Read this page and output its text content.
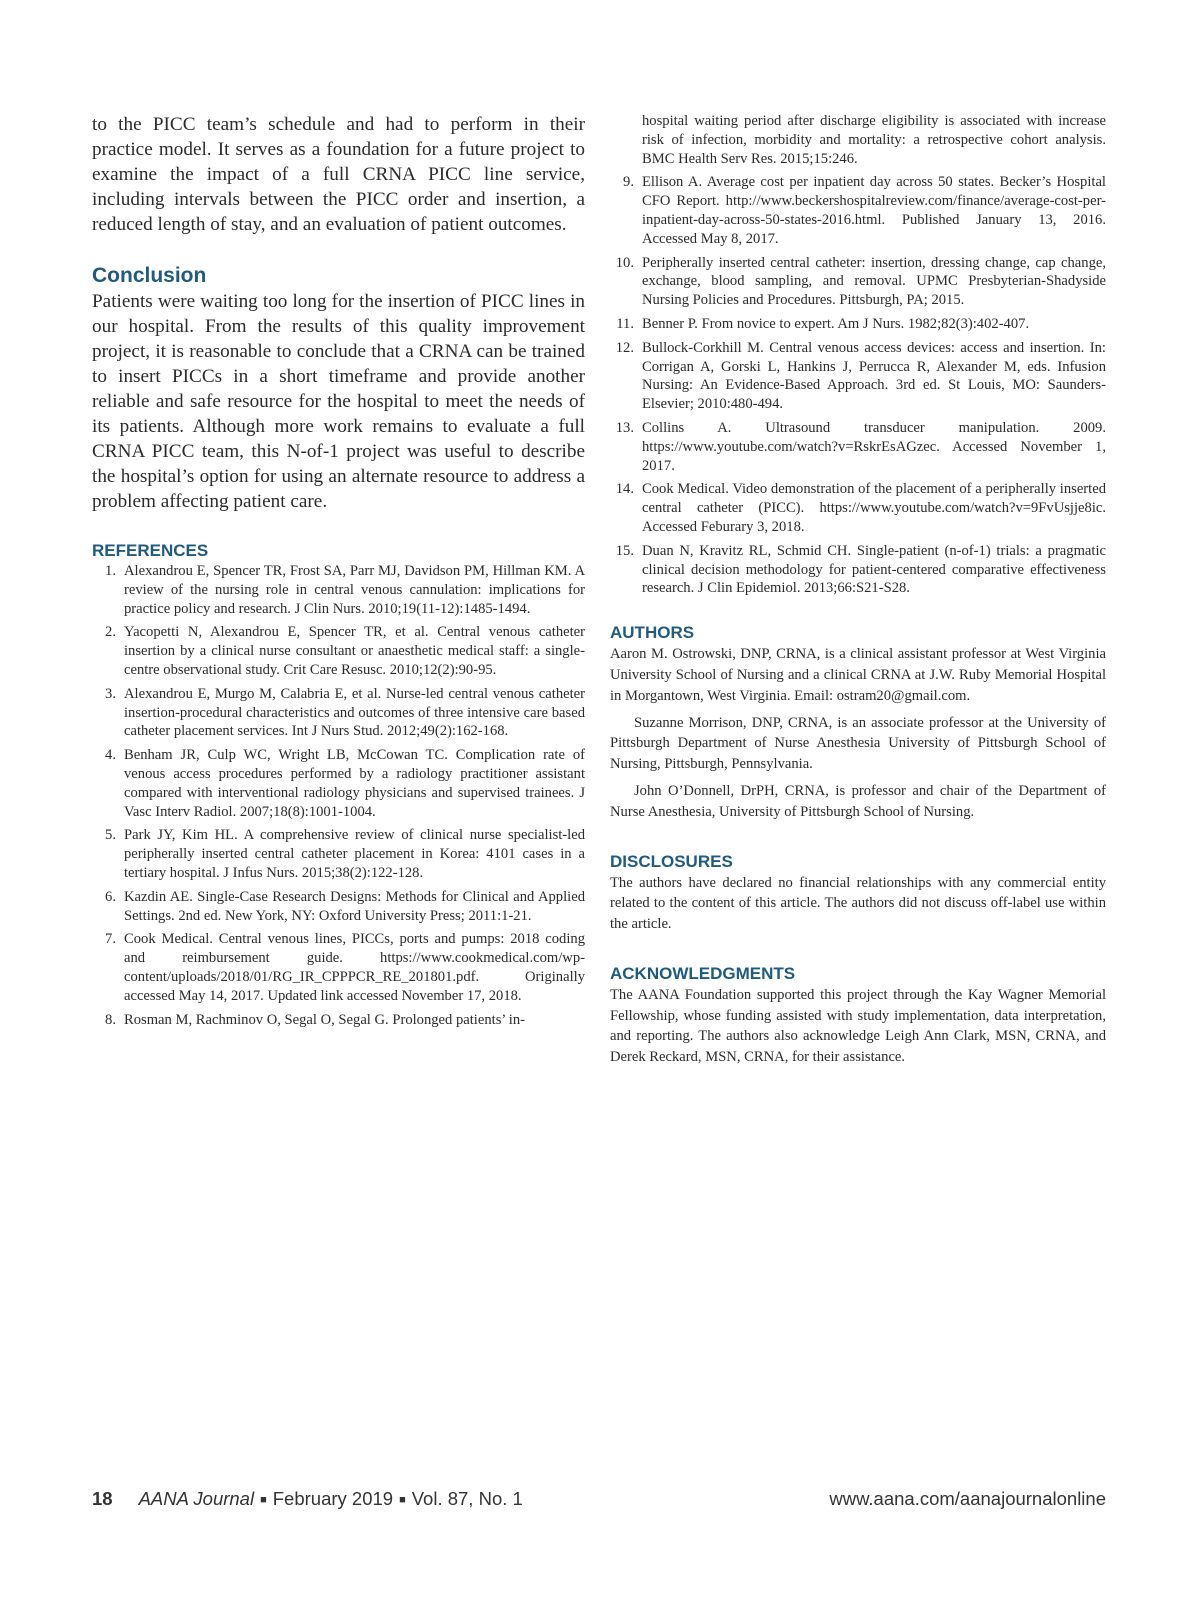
to the PICC team’s schedule and had to perform in their practice model. It serves as a foundation for a future project to examine the impact of a full CRNA PICC line service, including intervals between the PICC order and insertion, a reduced length of stay, and an evaluation of patient outcomes.

Conclusion

Patients were waiting too long for the insertion of PICC lines in our hospital. From the results of this quality improvement project, it is reasonable to conclude that a CRNA can be trained to insert PICCs in a short timeframe and provide another reliable and safe resource for the hospital to meet the needs of its patients. Although more work remains to evaluate a full CRNA PICC team, this N-of-1 project was useful to describe the hospital’s option for using an alternate resource to address a problem affecting patient care.

REFERENCES
1. Alexandrou E, Spencer TR, Frost SA, Parr MJ, Davidson PM, Hillman KM. A review of the nursing role in central venous cannulation: implications for practice policy and research. J Clin Nurs. 2010;19(11-12):1485-1494.
2. Yacopetti N, Alexandrou E, Spencer TR, et al. Central venous catheter insertion by a clinical nurse consultant or anaesthetic medical staff: a single-centre observational study. Crit Care Resusc. 2010;12(2):90-95.
3. Alexandrou E, Murgo M, Calabria E, et al. Nurse-led central venous catheter insertion-procedural characteristics and outcomes of three intensive care based catheter placement services. Int J Nurs Stud. 2012;49(2):162-168.
4. Benham JR, Culp WC, Wright LB, McCowan TC. Complication rate of venous access procedures performed by a radiology practitioner assistant compared with interventional radiology physicians and supervised trainees. J Vasc Interv Radiol. 2007;18(8):1001-1004.
5. Park JY, Kim HL. A comprehensive review of clinical nurse specialist-led peripherally inserted central catheter placement in Korea: 4101 cases in a tertiary hospital. J Infus Nurs. 2015;38(2):122-128.
6. Kazdin AE. Single-Case Research Designs: Methods for Clinical and Applied Settings. 2nd ed. New York, NY: Oxford University Press; 2011:1-21.
7. Cook Medical. Central venous lines, PICCs, ports and pumps: 2018 coding and reimbursement guide. https://www.cookmedical.com/wp-content/uploads/2018/01/RG_IR_CPPPCR_RE_201801.pdf. Originally accessed May 14, 2017. Updated link accessed November 17, 2018.
8. Rosman M, Rachminov O, Segal O, Segal G. Prolonged patients’ in-
hospital waiting period after discharge eligibility is associated with increase risk of infection, morbidity and mortality: a retrospective cohort analysis. BMC Health Serv Res. 2015;15:246.
9. Ellison A. Average cost per inpatient day across 50 states. Becker’s Hospital CFO Report. http://www.beckershospitalreview.com/finance/average-cost-per-inpatient-day-across-50-states-2016.html. Published January 13, 2016. Accessed May 8, 2017.
10. Peripherally inserted central catheter: insertion, dressing change, cap change, exchange, blood sampling, and removal. UPMC Presbyterian-Shadyside Nursing Policies and Procedures. Pittsburgh, PA; 2015.
11. Benner P. From novice to expert. Am J Nurs. 1982;82(3):402-407.
12. Bullock-Corkhill M. Central venous access devices: access and insertion. In: Corrigan A, Gorski L, Hankins J, Perrucca R, Alexander M, eds. Infusion Nursing: An Evidence-Based Approach. 3rd ed. St Louis, MO: Saunders-Elsevier; 2010:480-494.
13. Collins A. Ultrasound transducer manipulation. 2009. https://www.youtube.com/watch?v=RskrEsAGzec. Accessed November 1, 2017.
14. Cook Medical. Video demonstration of the placement of a peripherally inserted central catheter (PICC). https://www.youtube.com/watch?v=9FvUsjje8ic. Accessed Feburary 3, 2018.
15. Duan N, Kravitz RL, Schmid CH. Single-patient (n-of-1) trials: a pragmatic clinical decision methodology for patient-centered comparative effectiveness research. J Clin Epidemiol. 2013;66:S21-S28.
AUTHORS

Aaron M. Ostrowski, DNP, CRNA, is a clinical assistant professor at West Virginia University School of Nursing and a clinical CRNA at J.W. Ruby Memorial Hospital in Morgantown, West Virginia. Email: ostram20@gmail.com.

Suzanne Morrison, DNP, CRNA, is an associate professor at the University of Pittsburgh Department of Nurse Anesthesia University of Pittsburgh School of Nursing, Pittsburgh, Pennsylvania.

John O’Donnell, DrPH, CRNA, is professor and chair of the Department of Nurse Anesthesia, University of Pittsburgh School of Nursing.

DISCLOSURES

The authors have declared no financial relationships with any commercial entity related to the content of this article. The authors did not discuss off-label use within the article.

ACKNOWLEDGMENTS

The AANA Foundation supported this project through the Kay Wagner Memorial Fellowship, whose funding assisted with study implementation, data interpretation, and reporting. The authors also acknowledge Leigh Ann Clark, MSN, CRNA, and Derek Reckard, MSN, CRNA, for their assistance.

18 AANA Journal ■ February 2019 ■ Vol. 87, No. 1	www.aana.com/aanajournalonline
